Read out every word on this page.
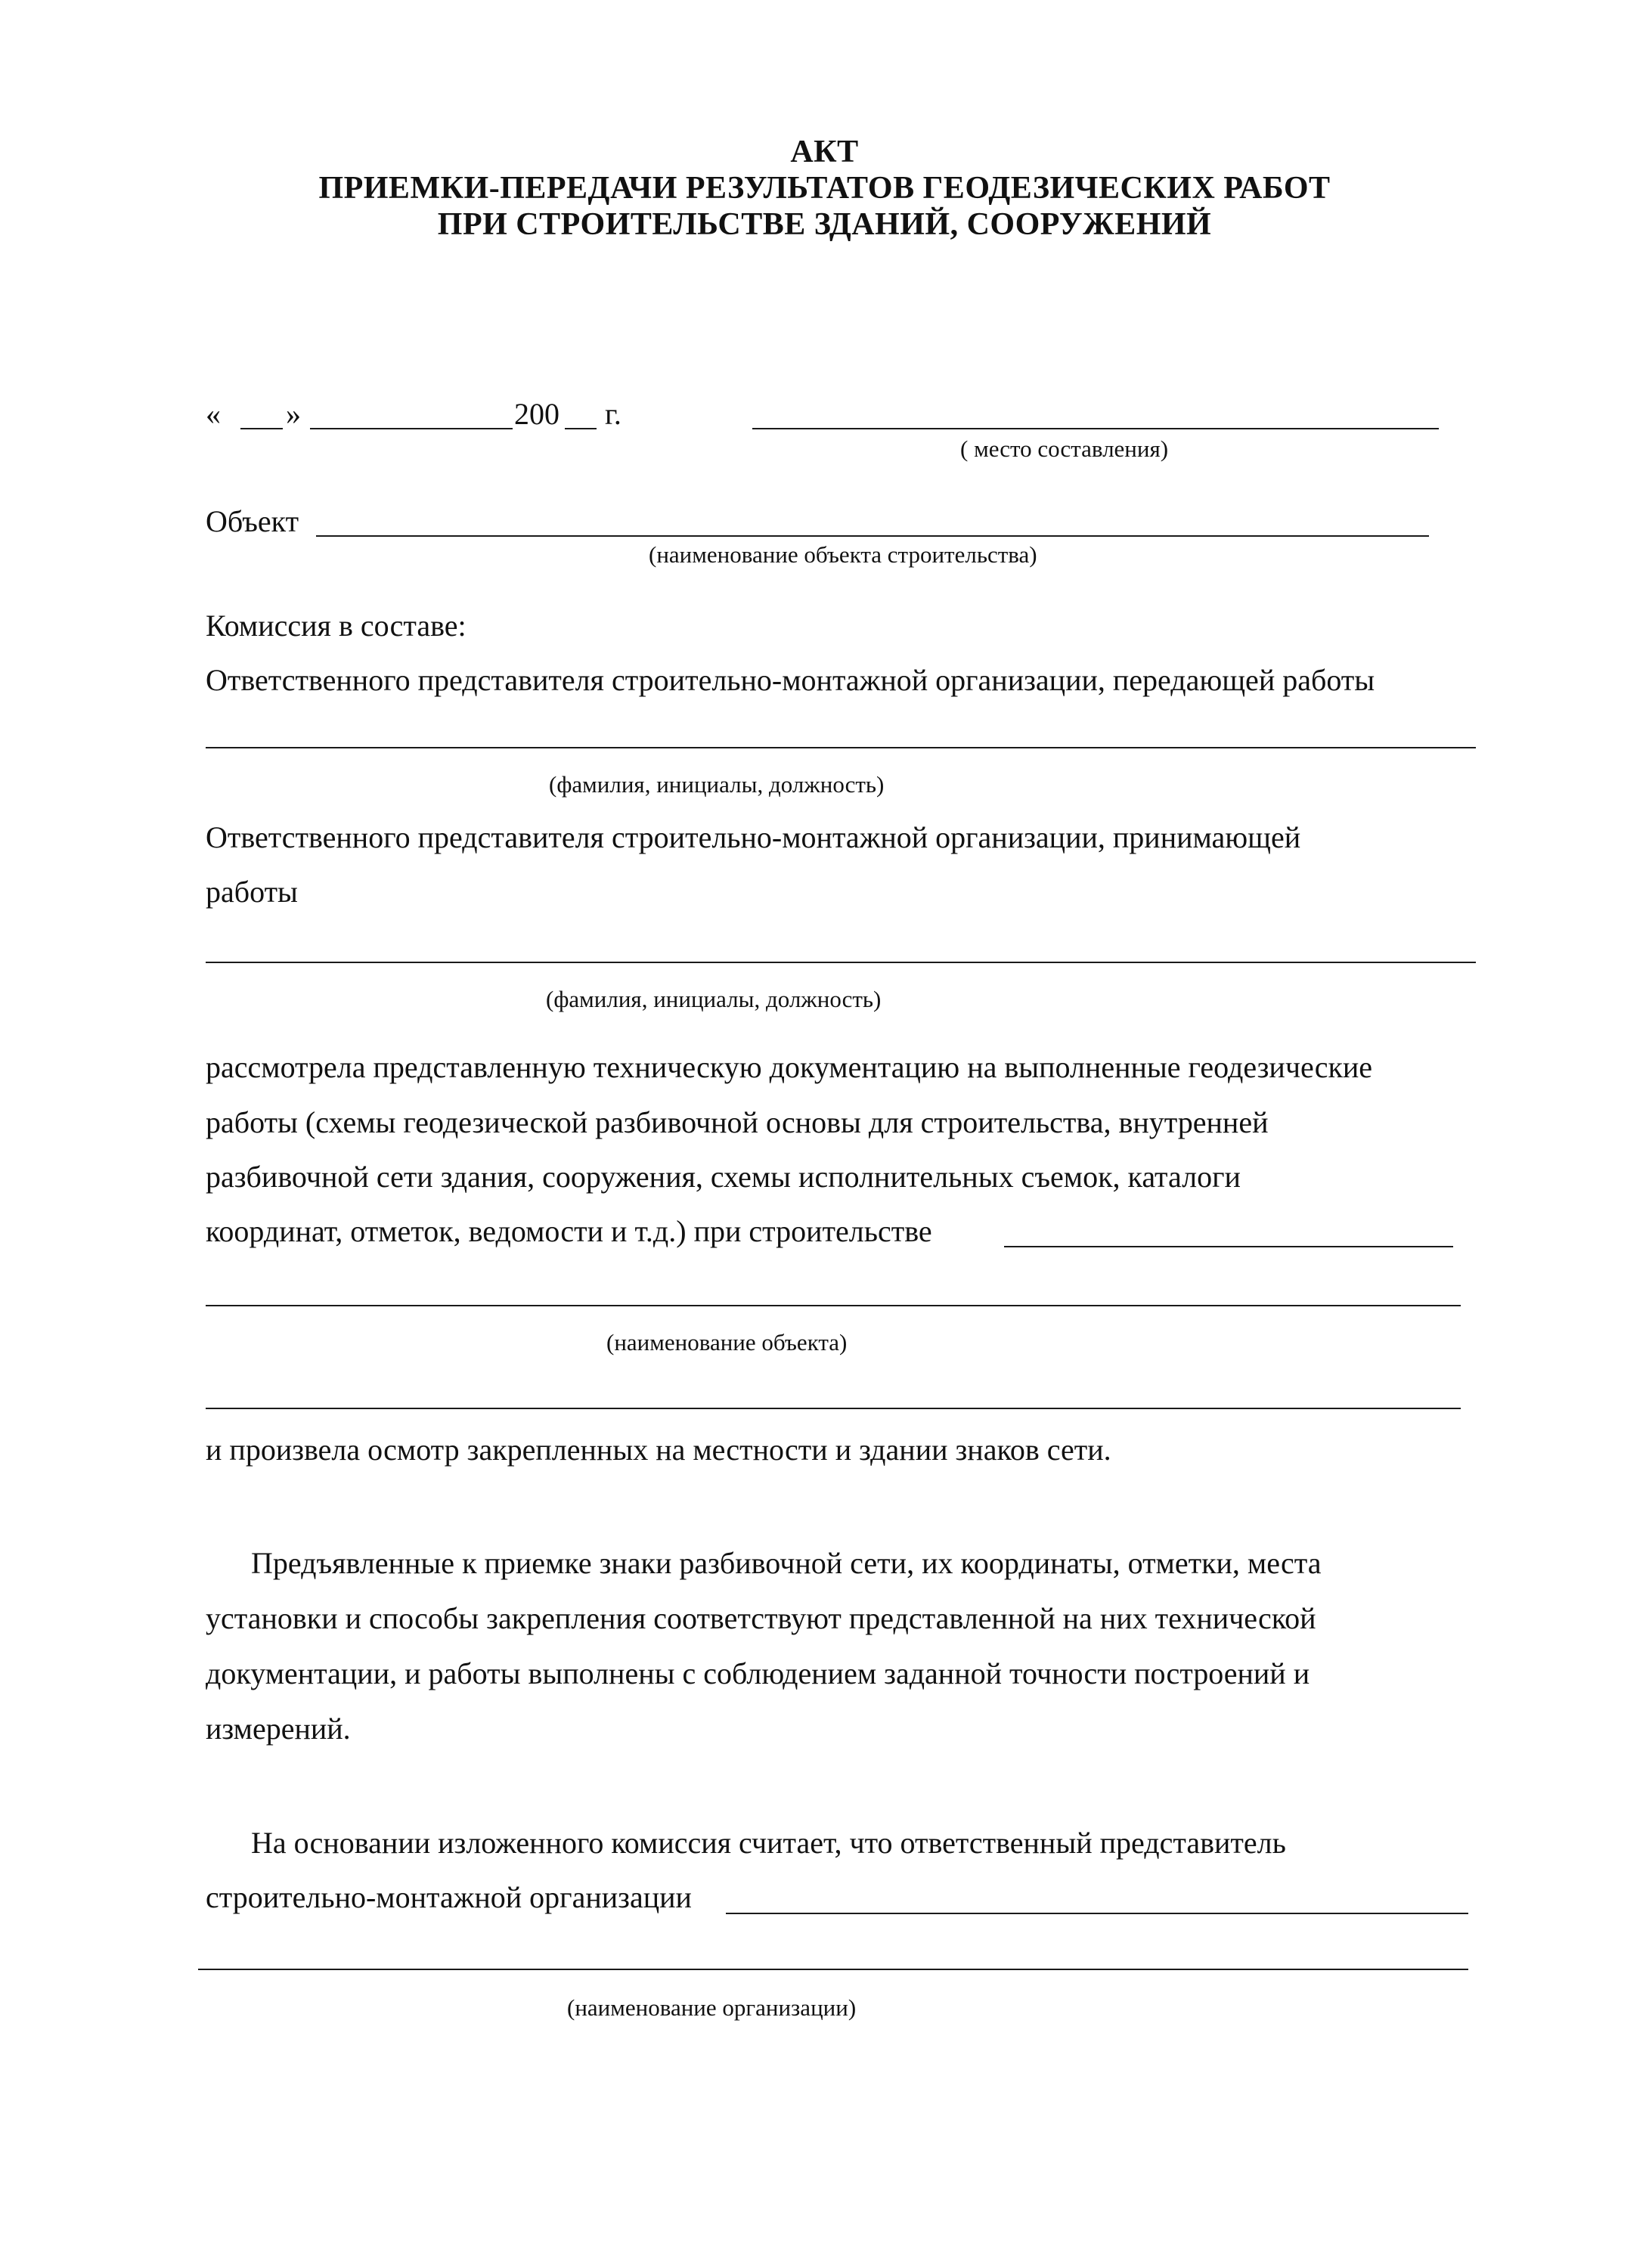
АКТ

ПРИЕМКИ-ПЕРЕДАЧИ РЕЗУЛЬТАТОВ ГЕОДЕЗИЧЕСКИХ РАБОТ

ПРИ СТРОИТЕЛЬСТВЕ ЗДАНИЙ, СООРУЖЕНИЙ

« »	200 г.
( место составления)
Объект
(наименование объекта строительства)
Комиссия в составе:
Ответственного представителя строительно-монтажной организации, передающей работы
(фамилия, инициалы, должность)
Ответственного представителя строительно-монтажной организации, принимающей
работы
(фамилия, инициалы, должность)
рассмотрела представленную техническую документацию на выполненные геодезические
работы (схемы геодезической разбивочной основы для строительства, внутренней
разбивочной сети здания, сооружения, схемы исполнительных съемок, каталоги
координат, отметок, ведомости и т.д.) при строительстве
(наименование объекта)
и произвела осмотр закрепленных на местности и здании знаков сети.
Предъявленные к приемке знаки разбивочной сети, их координаты, отметки, места
установки и способы закрепления соответствуют представленной на них технической
документации, и работы выполнены с соблюдением заданной точности построений и
измерений.
На основании изложенного комиссия считает, что ответственный представитель
строительно-монтажной организации
(наименование организации)
